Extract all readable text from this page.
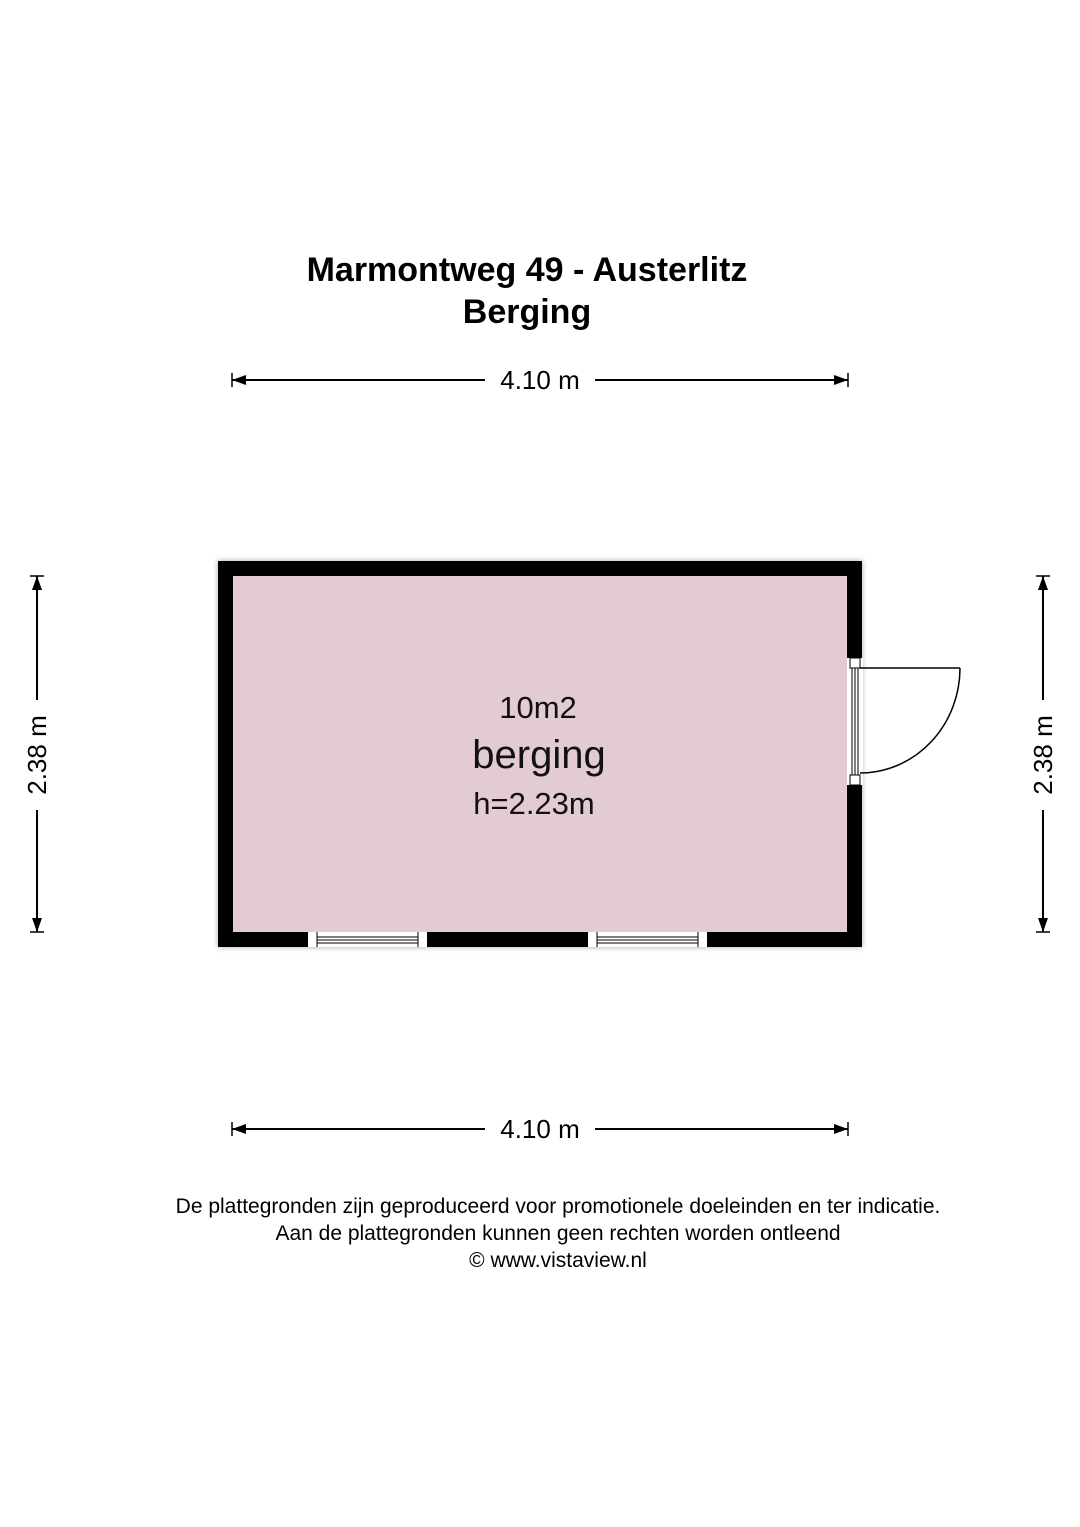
Marmontweg 49 - Austerlitz
Berging
4.10 m
4.10 m
2.38 m	2.38 m
10m2
berging
h=2.23m
De plattegronden zijn geproduceerd voor promotionele doeleinden en ter indicatie.
Aan de plattegronden kunnen geen rechten worden ontleend
© www.vistaview.nl
